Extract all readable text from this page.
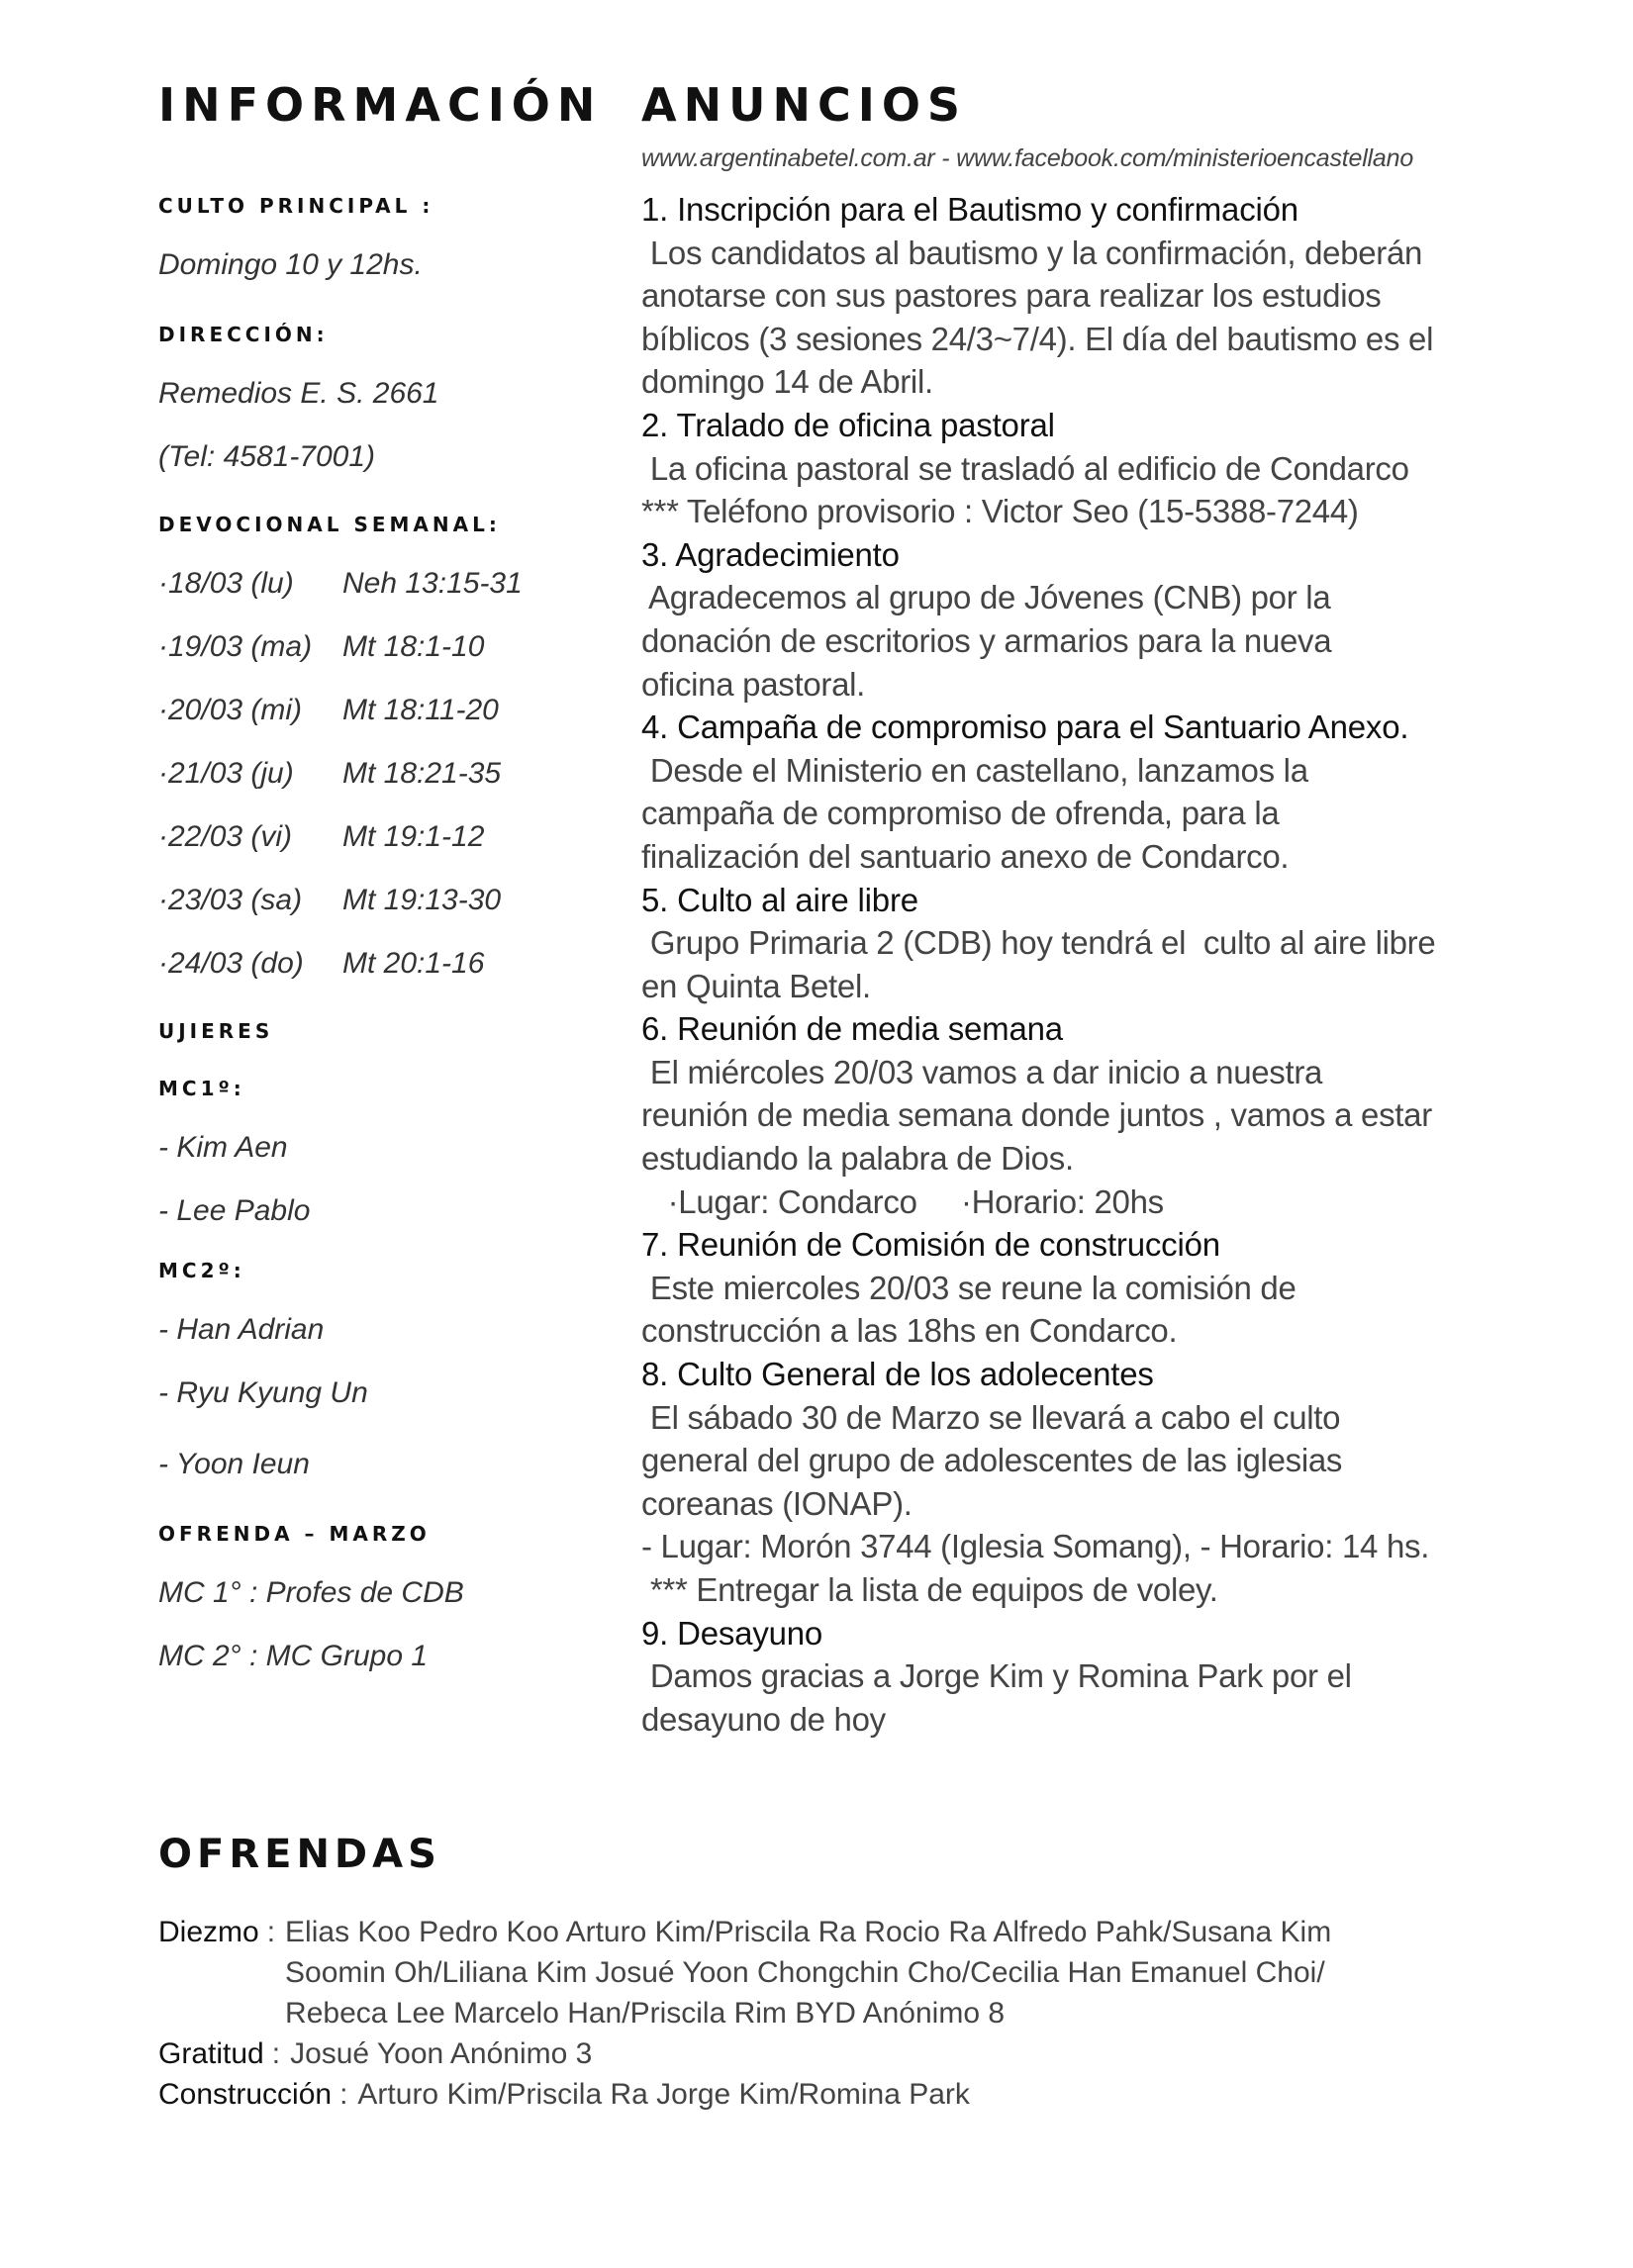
INFORMACIÓN
CULTO PRINCIPAL :
Domingo 10 y 12hs.
DIRECCIÓN:
Remedios E. S. 2661
(Tel: 4581-7001)
DEVOCIONAL SEMANAL:
·18/03 (lu) Neh 13:15-31
·19/03 (ma) Mt 18:1-10
·20/03 (mi) Mt 18:11-20
·21/03 (ju) Mt 18:21-35
·22/03 (vi) Mt 19:1-12
·23/03 (sa) Mt 19:13-30
·24/03 (do) Mt 20:1-16
UJIERES
MC1º:
- Kim Aen
- Lee Pablo
MC2º:
- Han Adrian
- Ryu Kyung Un
- Yoon Ieun
OFRENDA – MARZO
MC 1° : Profes de CDB
MC 2° : MC Grupo 1
ANUNCIOS
www.argentinabetel.com.ar - www.facebook.com/ministerioencastellano
1. Inscripción para el Bautismo y confirmación
Los candidatos al bautismo y la confirmación, deberán
anotarse con sus pastores para realizar los estudios
bíblicos (3 sesiones 24/3~7/4). El día del bautismo es el
domingo 14 de Abril.
2. Tralado de oficina pastoral
La oficina pastoral se trasladó al edificio de Condarco
*** Teléfono provisorio : Victor Seo (15-5388-7244)
3. Agradecimiento
Agradecemos al grupo de Jóvenes (CNB) por la
donación de escritorios y armarios para la nueva
oficina pastoral.
4. Campaña de compromiso para el Santuario Anexo.
Desde el Ministerio en castellano, lanzamos la
campaña de compromiso de ofrenda, para la
finalización del santuario anexo de Condarco.
5. Culto al aire libre
Grupo Primaria 2 (CDB) hoy tendrá el  culto al aire libre
en Quinta Betel.
6. Reunión de media semana
El miércoles 20/03 vamos a dar inicio a nuestra
reunión de media semana donde juntos , vamos a estar
estudiando la palabra de Dios.
·Lugar: Condarco     ·Horario: 20hs
7. Reunión de Comisión de construcción
Este miercoles 20/03 se reune la comisión de
construcción a las 18hs en Condarco.
8. Culto General de los adolecentes
El sábado 30 de Marzo se llevará a cabo el culto
general del grupo de adolescentes de las iglesias
coreanas (IONAP).
- Lugar: Morón 3744 (Iglesia Somang), - Horario: 14 hs.
*** Entregar la lista de equipos de voley.
9. Desayuno
Damos gracias a Jorge Kim y Romina Park por el
desayuno de hoy
OFRENDAS
Diezmo : Elias Koo Pedro Koo Arturo Kim/Priscila Ra Rocio Ra Alfredo Pahk/Susana Kim
Soomin Oh/Liliana Kim Josué Yoon Chongchin Cho/Cecilia Han Emanuel Choi/
Rebeca Lee Marcelo Han/Priscila Rim BYD Anónimo 8
Gratitud : Josué Yoon Anónimo 3
Construcción : Arturo Kim/Priscila Ra Jorge Kim/Romina Park
